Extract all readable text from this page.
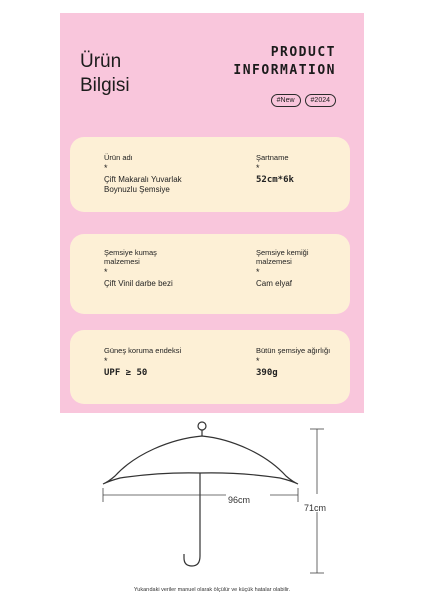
Ürün
Bilgisi
PRODUCT
INFORMATION
#New	#2024
Ürün adı
*
Çift Makaralı Yuvarlak
Boynuzlu Şemsiye
Şartname
*
52cm*6k
Şemsiye kumaş
malzemesi
*
Çift Vinil darbe bezi
Şemsiye kemiği
malzemesi
*
Cam elyaf
Güneş koruma endeksi
*
UPF ≥ 50
Bütün şemsiye ağırlığı
*
390g
96cm
71cm
Yukarıdaki veriler manuel olarak ölçülür ve küçük hatalar olabilir.
